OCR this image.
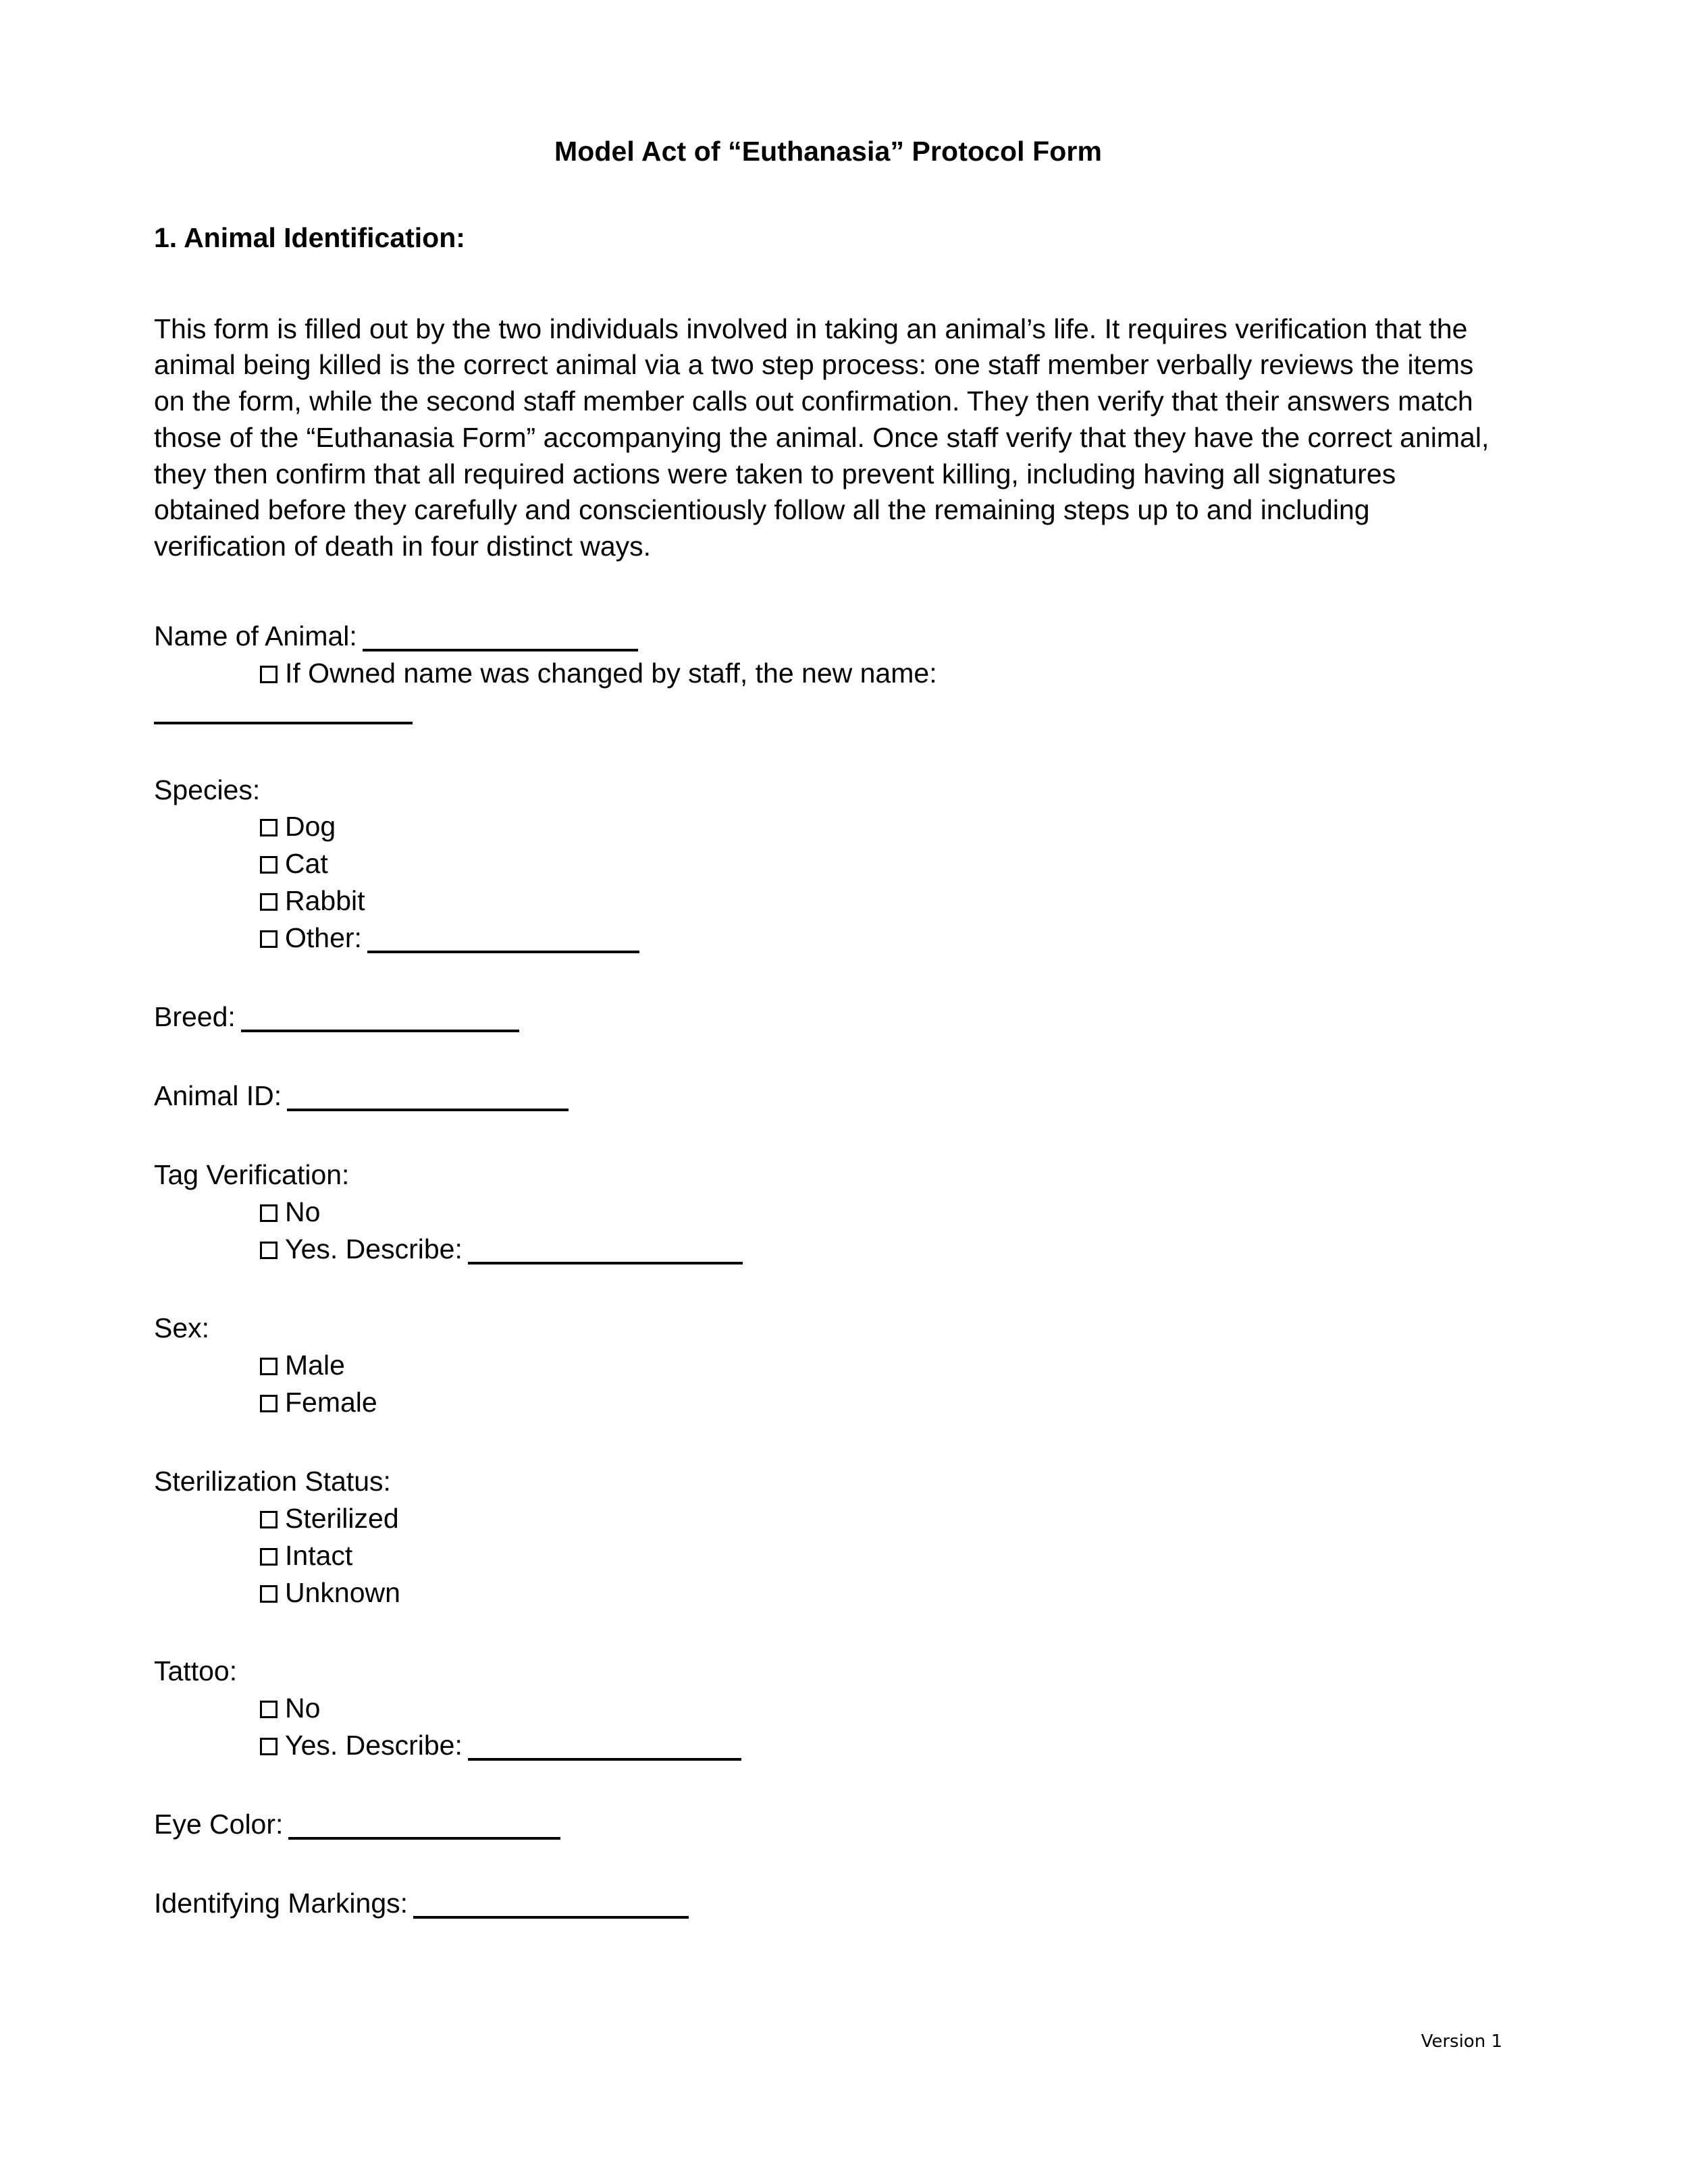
Model Act of “Euthanasia” Protocol Form
1. Animal Identification:
This form is filled out by the two individuals involved in taking an animal’s life. It requires verification that the animal being killed is the correct animal via a two step process: one staff member verbally reviews the items on the form, while the second staff member calls out confirmation. They then verify that their answers match those of the “Euthanasia Form” accompanying the animal. Once staff verify that they have the correct animal, they then confirm that all required actions were taken to prevent killing, including having all signatures obtained before they carefully and conscientiously follow all the remaining steps up to and including verification of death in four distinct ways.
Name of Animal:
If Owned name was changed by staff, the new name:
Species:
Dog
Cat
Rabbit
Other:
Breed:
Animal ID:
Tag Verification:
No
Yes. Describe:
Sex:
Male
Female
Sterilization Status:
Sterilized
Intact
Unknown
Tattoo:
No
Yes. Describe:
Eye Color:
Identifying Markings:
Version 1
